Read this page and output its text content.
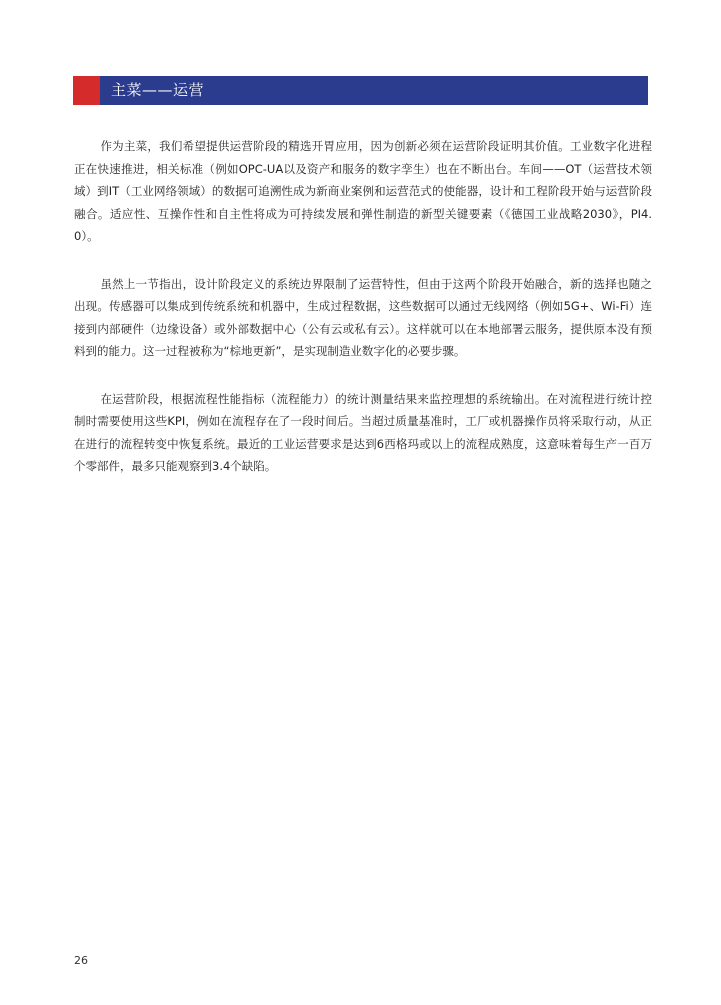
主菜——运营

作为主菜，我们希望提供运营阶段的精选开胃应用，因为创新必须在运营阶段证明其价值。工业数字化进程正在快速推进，相关标准（例如OPC-UA以及资产和服务的数字孪生）也在不断出台。车间——OT（运营技术领域）到IT（工业网络领域）的数据可追溯性成为新商业案例和运营范式的使能器，设计和工程阶段开始与运营阶段融合。适应性、互操作性和自主性将成为可持续发展和弹性制造的新型关键要素（《德国工业战略2030》，PI4.0）。

虽然上一节指出，设计阶段定义的系统边界限制了运营特性，但由于这两个阶段开始融合，新的选择也随之出现。传感器可以集成到传统系统和机器中，生成过程数据，这些数据可以通过无线网络（例如5G+、Wi-Fi）连接到内部硬件（边缘设备）或外部数据中心（公有云或私有云）。这样就可以在本地部署云服务，提供原本没有预料到的能力。这一过程被称为“棕地更新”，是实现制造业数字化的必要步骤。

在运营阶段，根据流程性能指标（流程能力）的统计测量结果来监控理想的系统输出。在对流程进行统计控制时需要使用这些KPI，例如在流程存在了一段时间后。当超过质量基准时，工厂或机器操作员将采取行动，从正在进行的流程转变中恢复系统。最近的工业运营要求是达到6西格玛或以上的流程成熟度，这意味着每生产一百万个零部件，最多只能观察到3.4个缺陷。

26
